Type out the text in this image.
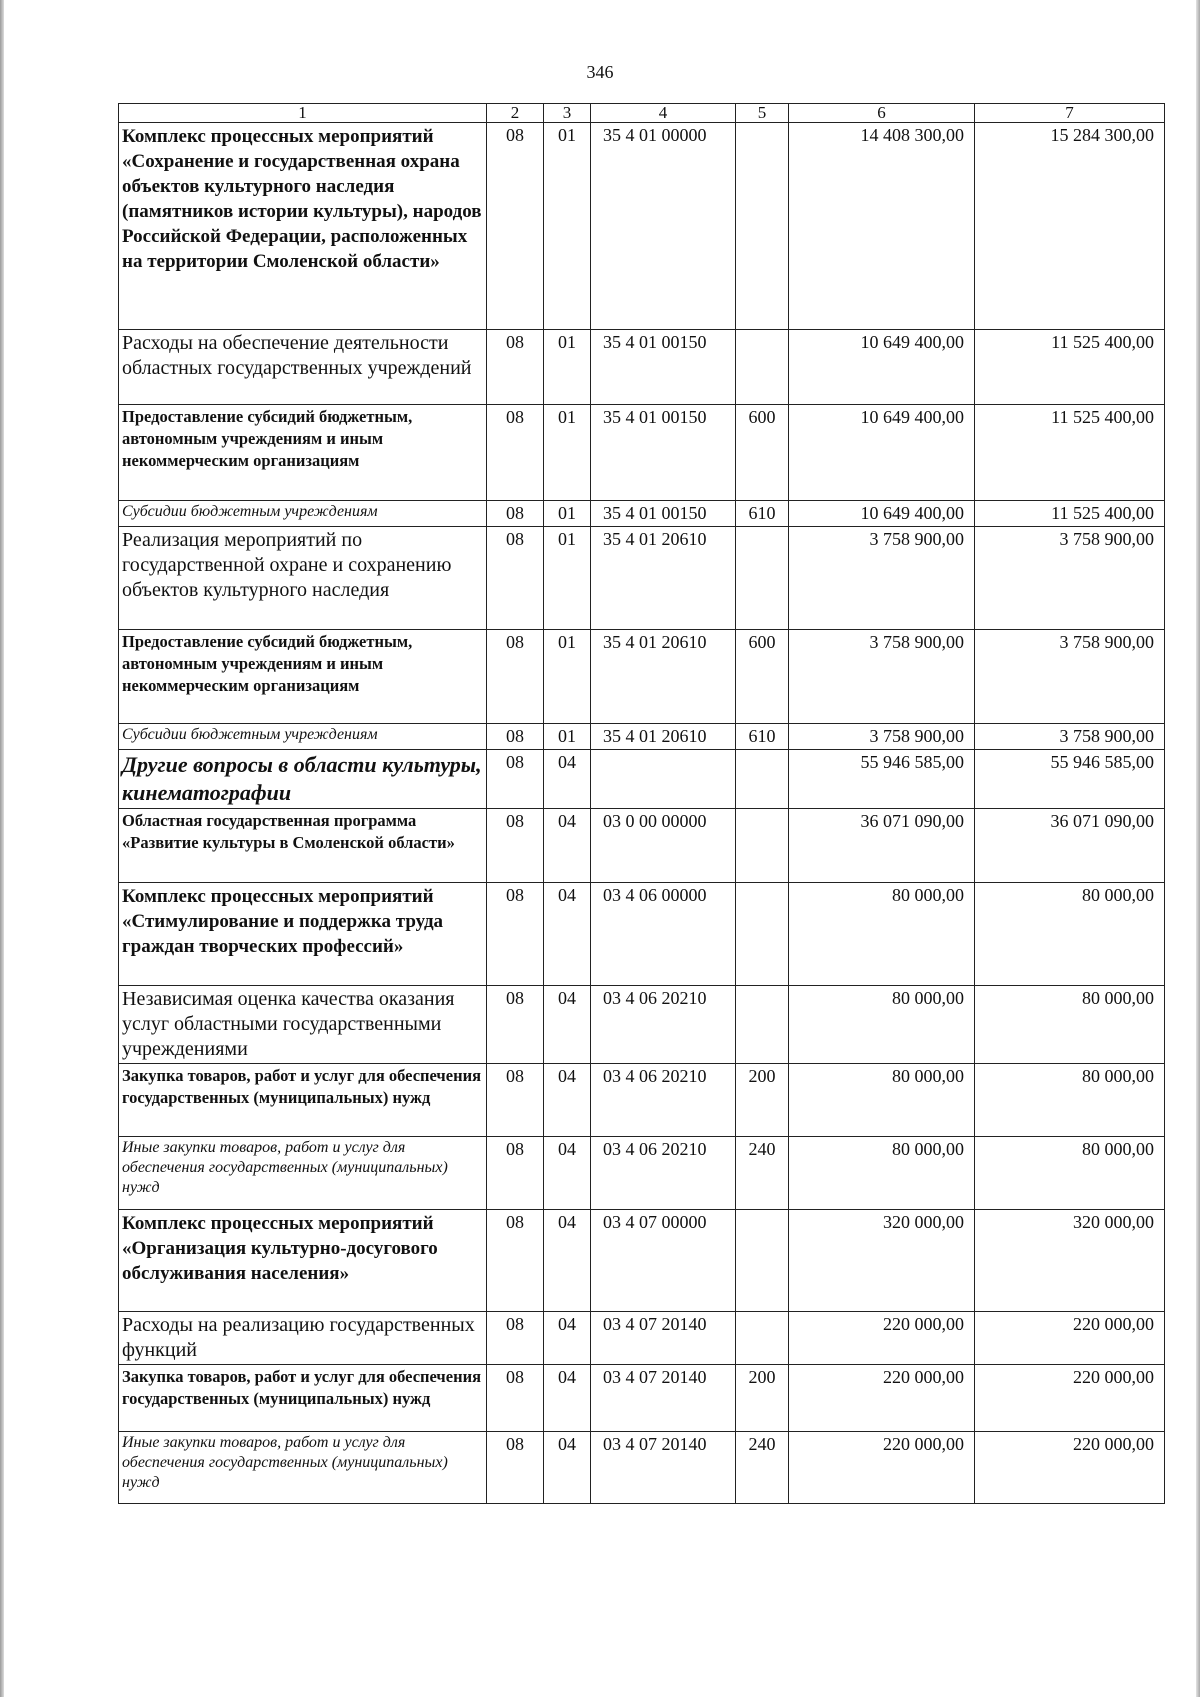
346
1	2	3	4	5	6	7
Комплекс процессных мероприятий «Сохранение и государственная охрана объектов культурного наследия (памятников истории культуры), народов Российской Федерации, расположенных на территории Смоленской области»	08	01	35 4 01 00000		14 408 300,00	15 284 300,00
Расходы на обеспечение деятельности областных государственных учреждений	08	01	35 4 01 00150		10 649 400,00	11 525 400,00
Предоставление субсидий бюджетным, автономным учреждениям и иным некоммерческим организациям	08	01	35 4 01 00150	600	10 649 400,00	11 525 400,00
Субсидии бюджетным учреждениям	08	01	35 4 01 00150	610	10 649 400,00	11 525 400,00
Реализация мероприятий по государственной охране и сохранению объектов культурного наследия	08	01	35 4 01 20610		3 758 900,00	3 758 900,00
Предоставление субсидий бюджетным, автономным учреждениям и иным некоммерческим организациям	08	01	35 4 01 20610	600	3 758 900,00	3 758 900,00
Субсидии бюджетным учреждениям	08	01	35 4 01 20610	610	3 758 900,00	3 758 900,00
Другие вопросы в области культуры, кинематографии	08	04			55 946 585,00	55 946 585,00
Областная государственная программа «Развитие культуры в Смоленской области»	08	04	03 0 00 00000		36 071 090,00	36 071 090,00
Комплекс процессных мероприятий «Стимулирование и поддержка труда граждан творческих профессий»	08	04	03 4 06 00000		80 000,00	80 000,00
Независимая оценка качества оказания услуг областными государственными учреждениями	08	04	03 4 06 20210		80 000,00	80 000,00
Закупка товаров, работ и услуг для обеспечения государственных (муниципальных) нужд	08	04	03 4 06 20210	200	80 000,00	80 000,00
Иные закупки товаров, работ и услуг для обеспечения государственных (муниципальных) нужд	08	04	03 4 06 20210	240	80 000,00	80 000,00
Комплекс процессных мероприятий «Организация культурно-досугового обслуживания населения»	08	04	03 4 07 00000		320 000,00	320 000,00
Расходы на реализацию государственных функций	08	04	03 4 07 20140		220 000,00	220 000,00
Закупка товаров, работ и услуг для обеспечения государственных (муниципальных) нужд	08	04	03 4 07 20140	200	220 000,00	220 000,00
Иные закупки товаров, работ и услуг для обеспечения государственных (муниципальных) нужд	08	04	03 4 07 20140	240	220 000,00	220 000,00
